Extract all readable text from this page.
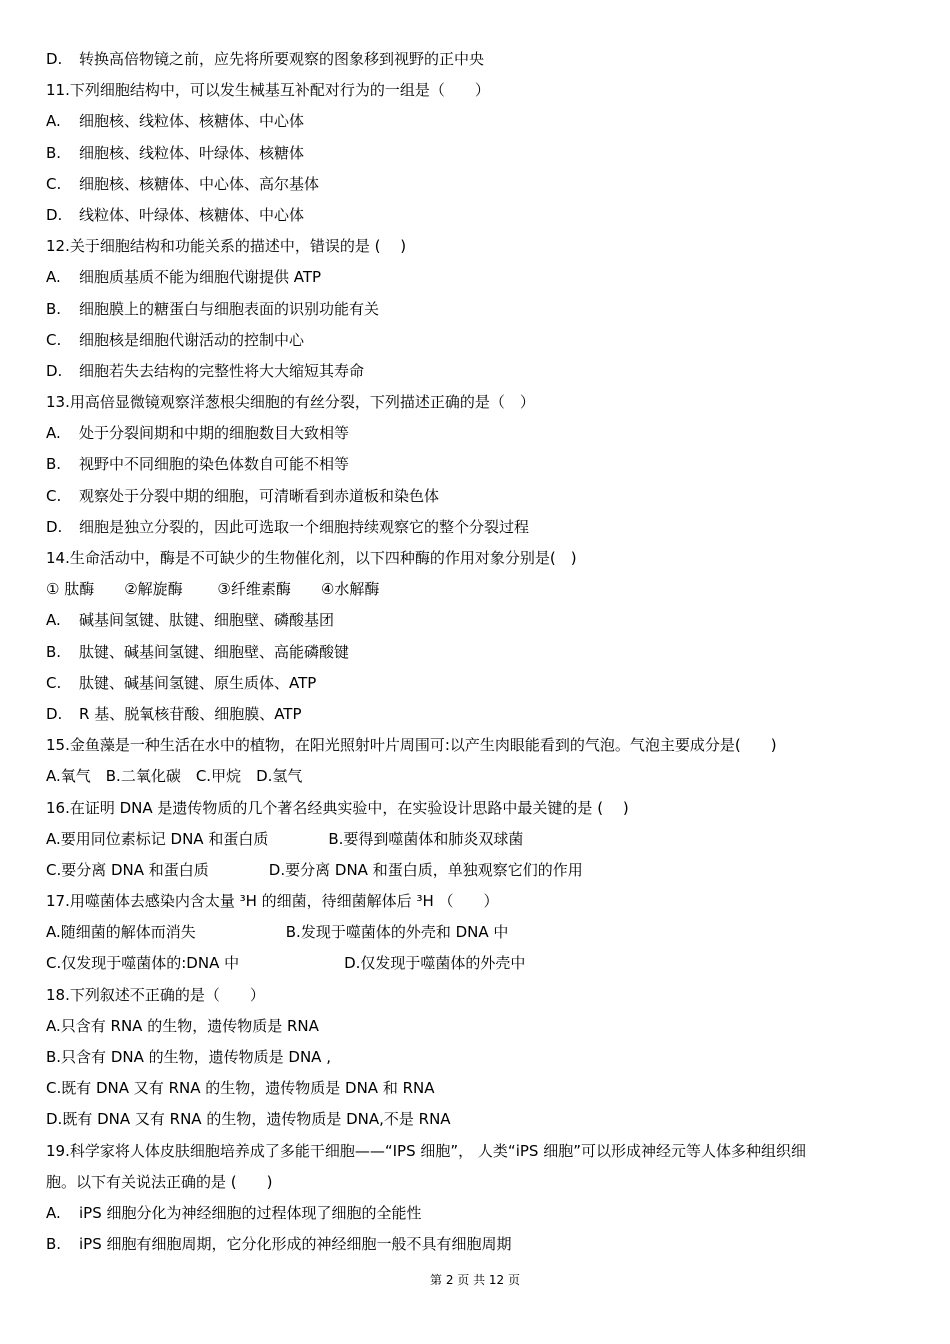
D. 转换高倍物镜之前，应先将所要观察的图象移到视野的正中央
11.下列细胞结构中，可以发生械基互补配对行为的一组是（　　）
A. 细胞核、线粒体、核糖体、中心体
B. 细胞核、线粒体、叶绿体、核糖体
C. 细胞核、核糖体、中心体、高尔基体
D. 线粒体、叶绿体、核糖体、中心体
12.关于细胞结构和功能关系的描述中，错误的是 (　 )
A. 细胞质基质不能为细胞代谢提供 ATP
B. 细胞膜上的糖蛋白与细胞表面的识别功能有关
C. 细胞核是细胞代谢活动的控制中心
D. 细胞若失去结构的完整性将大大缩短其寿命
13.用高倍显微镜观察洋葱根尖细胞的有丝分裂，下列描述正确的是（　）
A. 处于分裂间期和中期的细胞数目大致相等
B. 视野中不同细胞的染色体数自可能不相等
C. 观察处于分裂中期的细胞，可清晰看到赤道板和染色体
D. 细胞是独立分裂的，因此可选取一个细胞持续观察它的整个分裂过程
14.生命活动中，酶是不可缺少的生物催化剂，以下四种酶的作用对象分别是(　)
① 肽酶　　②解旋酶　　 ③纤维素酶　　④水解酶
A. 碱基间氢键、肽键、细胞壁、磷酸基团
B. 肽键、碱基间氢键、细胞壁、高能磷酸键
C. 肽键、碱基间氢键、原生质体、ATP
D. R 基、脱氧核苷酸、细胞膜、ATP
15.金鱼藻是一种生活在水中的植物，在阳光照射叶片周围可:以产生肉眼能看到的气泡。气泡主要成分是(　　)
A.氧气　B.二氧化碳　C.甲烷　D.氢气
16.在证明 DNA 是遗传物质的几个著名经典实验中，在实验设计思路中最关键的是 (　 )
A.要用同位素标记 DNA 和蛋白质　　　　B.要得到噬菌体和肺炎双球菌
C.要分离 DNA 和蛋白质　　　　D.要分离 DNA 和蛋白质，单独观察它们的作用
17.用噬菌体去感染内含太量 ³H 的细菌，待细菌解体后 ³H （　　）
A.随细菌的解体而消失　　　　　　B.发现于噬菌体的外壳和 DNA 中
C.仅发现于噬菌体的:DNA 中　　　　　　　D.仅发现于噬菌体的外壳中
18.下列叙述不正确的是（　　）
A.只含有 RNA 的生物，遗传物质是 RNA
B.只含有 DNA 的生物，遗传物质是 DNA ,
C.既有 DNA 又有 RNA 的生物，遗传物质是 DNA 和 RNA
D.既有 DNA 又有 RNA 的生物，遗传物质是 DNA,不是 RNA
19.科学家将人体皮肤细胞培养成了多能干细胞——“IPS 细胞”， 人类“iPS 细胞”可以形成神经元等人体多种组织细
胞。以下有关说法正确的是 (　　)
A. iPS 细胞分化为神经细胞的过程体现了细胞的全能性
B. iPS 细胞有细胞周期，它分化形成的神经细胞一般不具有细胞周期
第 2 页 共 12 页
